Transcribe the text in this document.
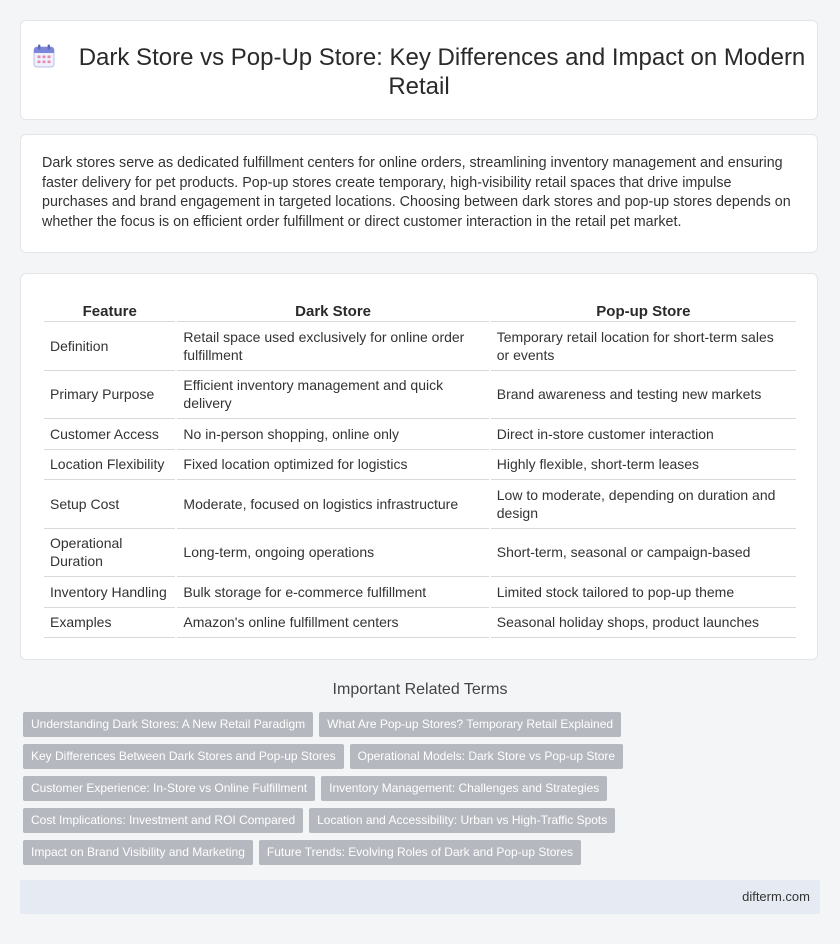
Dark Store vs Pop-Up Store: Key Differences and Impact on Modern Retail

Dark stores serve as dedicated fulfillment centers for online orders, streamlining inventory management and ensuring faster delivery for pet products. Pop-up stores create temporary, high-visibility retail spaces that drive impulse purchases and brand engagement in targeted locations. Choosing between dark stores and pop-up stores depends on whether the focus is on efficient order fulfillment or direct customer interaction in the retail pet market.

Feature	Dark Store	Pop-up Store
Definition	Retail space used exclusively for online order fulfillment	Temporary retail location for short-term sales or events
Primary Purpose	Efficient inventory management and quick delivery	Brand awareness and testing new markets
Customer Access	No in-person shopping, online only	Direct in-store customer interaction
Location Flexibility	Fixed location optimized for logistics	Highly flexible, short-term leases
Setup Cost	Moderate, focused on logistics infrastructure	Low to moderate, depending on duration and design
Operational Duration	Long-term, ongoing operations	Short-term, seasonal or campaign-based
Inventory Handling	Bulk storage for e-commerce fulfillment	Limited stock tailored to pop-up theme
Examples	Amazon's online fulfillment centers	Seasonal holiday shops, product launches
Important Related Terms
Understanding Dark Stores: A New Retail Paradigm What Are Pop-up Stores? Temporary Retail Explained
Key Differences Between Dark Stores and Pop-up Stores Operational Models: Dark Store vs Pop-up Store
Customer Experience: In-Store vs Online Fulfillment Inventory Management: Challenges and Strategies
Cost Implications: Investment and ROI Compared Location and Accessibility: Urban vs High-Traffic Spots
Impact on Brand Visibility and Marketing Future Trends: Evolving Roles of Dark and Pop-up Stores
difterm.com
